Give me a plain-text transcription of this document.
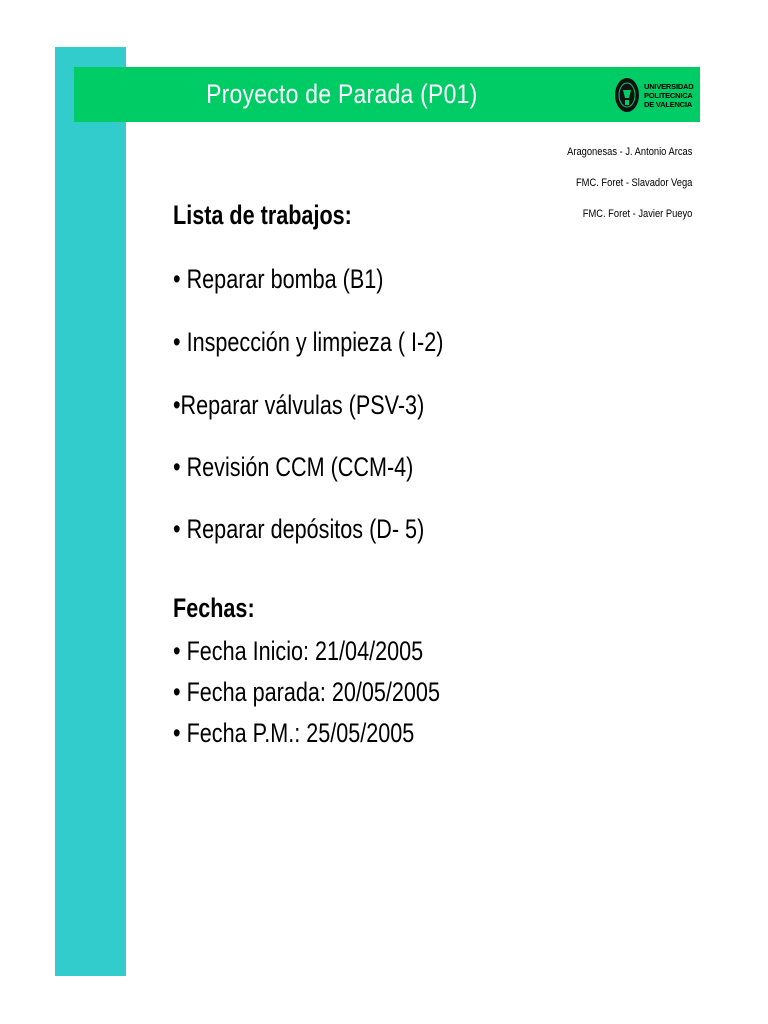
Proyecto de Parada (P01)	UNIVERSIDAD
POLITECNICA
DE VALENCIA
Aragonesas - J. Antonio Arcas
FMC. Foret - Slavador Vega
FMC. Foret - Javier Pueyo
Lista de trabajos:
• Reparar bomba (B1)
• Inspección y limpieza ( I-2)
•Reparar válvulas (PSV-3)
• Revisión CCM (CCM-4)
• Reparar depósitos (D- 5)
Fechas:
• Fecha Inicio: 21/04/2005
• Fecha parada: 20/05/2005
• Fecha P.M.: 25/05/2005
